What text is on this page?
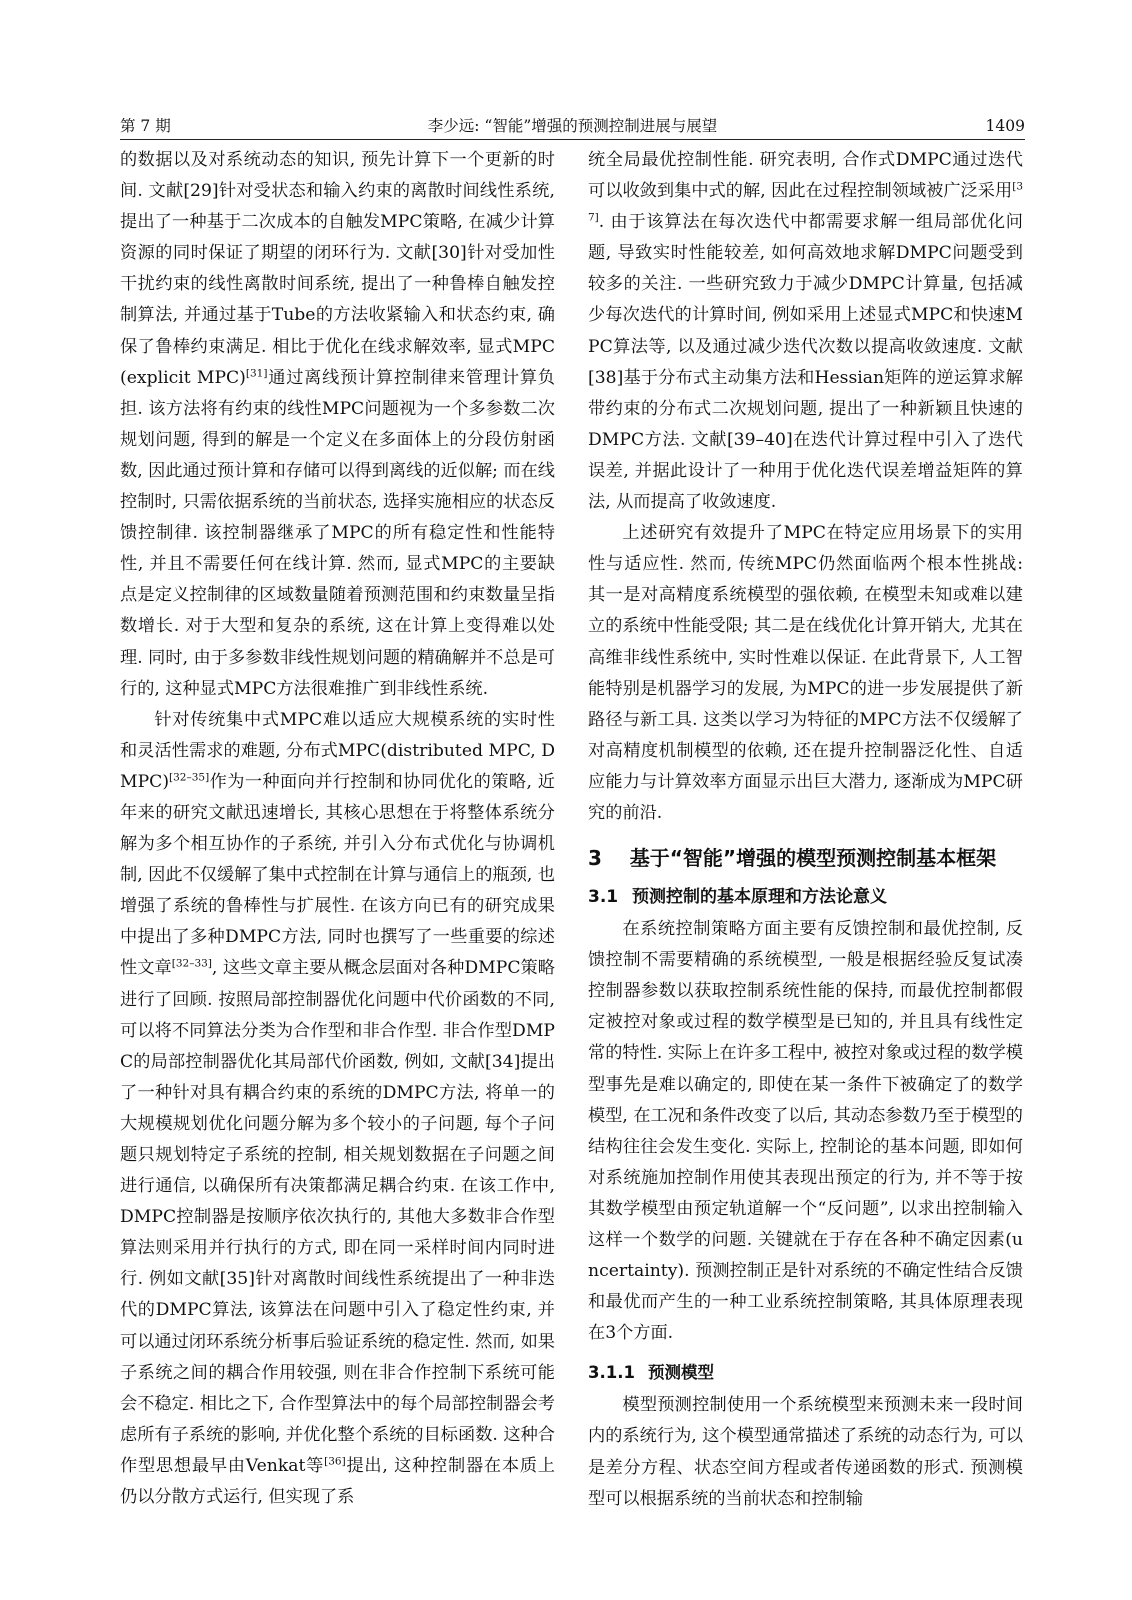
第 7 期	李少远: “智能”增强的预测控制进展与展望	1409

的数据以及对系统动态的知识, 预先计算下一个更新的时间. 文献[29]针对受状态和输入约束的离散时间线性系统, 提出了一种基于二次成本的自触发MPC策略, 在减少计算资源的同时保证了期望的闭环行为. 文献[30]针对受加性干扰约束的线性离散时间系统, 提出了一种鲁棒自触发控制算法, 并通过基于Tube的方法收紧输入和状态约束, 确保了鲁棒约束满足. 相比于优化在线求解效率, 显式MPC(explicit MPC)[31]通过离线预计算控制律来管理计算负担. 该方法将有约束的线性MPC问题视为一个多参数二次规划问题, 得到的解是一个定义在多面体上的分段仿射函数, 因此通过预计算和存储可以得到离线的近似解; 而在线控制时, 只需依据系统的当前状态, 选择实施相应的状态反馈控制律. 该控制器继承了MPC的所有稳定性和性能特性, 并且不需要任何在线计算. 然而, 显式MPC的主要缺点是定义控制律的区域数量随着预测范围和约束数量呈指数增长. 对于大型和复杂的系统, 这在计算上变得难以处理. 同时, 由于多参数非线性规划问题的精确解并不总是可行的, 这种显式MPC方法很难推广到非线性系统.

针对传统集中式MPC难以适应大规模系统的实时性和灵活性需求的难题, 分布式MPC(distributed MPC, DMPC)[32–35]作为一种面向并行控制和协同优化的策略, 近年来的研究文献迅速增长, 其核心思想在于将整体系统分解为多个相互协作的子系统, 并引入分布式优化与协调机制, 因此不仅缓解了集中式控制在计算与通信上的瓶颈, 也增强了系统的鲁棒性与扩展性. 在该方向已有的研究成果中提出了多种DMPC方法, 同时也撰写了一些重要的综述性文章[32–33], 这些文章主要从概念层面对各种DMPC策略进行了回顾. 按照局部控制器优化问题中代价函数的不同, 可以将不同算法分类为合作型和非合作型. 非合作型DMPC的局部控制器优化其局部代价函数, 例如, 文献[34]提出了一种针对具有耦合约束的系统的DMPC方法, 将单一的大规模规划优化问题分解为多个较小的子问题, 每个子问题只规划特定子系统的控制, 相关规划数据在子问题之间进行通信, 以确保所有决策都满足耦合约束. 在该工作中, DMPC控制器是按顺序依次执行的, 其他大多数非合作型算法则采用并行执行的方式, 即在同一采样时间内同时进行. 例如文献[35]针对离散时间线性系统提出了一种非迭代的DMPC算法, 该算法在问题中引入了稳定性约束, 并可以通过闭环系统分析事后验证系统的稳定性. 然而, 如果子系统之间的耦合作用较强, 则在非合作控制下系统可能会不稳定. 相比之下, 合作型算法中的每个局部控制器会考虑所有子系统的影响, 并优化整个系统的目标函数. 这种合作型思想最早由Venkat等[36]提出, 这种控制器在本质上仍以分散方式运行, 但实现了系

统全局最优控制性能. 研究表明, 合作式DMPC通过迭代可以收敛到集中式的解, 因此在过程控制领域被广泛采用[37]. 由于该算法在每次迭代中都需要求解一组局部优化问题, 导致实时性能较差, 如何高效地求解DMPC问题受到较多的关注. 一些研究致力于减少DMPC计算量, 包括减少每次迭代的计算时间, 例如采用上述显式MPC和快速MPC算法等, 以及通过减少迭代次数以提高收敛速度. 文献[38]基于分布式主动集方法和Hessian矩阵的逆运算求解带约束的分布式二次规划问题, 提出了一种新颖且快速的DMPC方法. 文献[39–40]在迭代计算过程中引入了迭代误差, 并据此设计了一种用于优化迭代误差增益矩阵的算法, 从而提高了收敛速度.

上述研究有效提升了MPC在特定应用场景下的实用性与适应性. 然而, 传统MPC仍然面临两个根本性挑战: 其一是对高精度系统模型的强依赖, 在模型未知或难以建立的系统中性能受限; 其二是在线优化计算开销大, 尤其在高维非线性系统中, 实时性难以保证. 在此背景下, 人工智能特别是机器学习的发展, 为MPC的进一步发展提供了新路径与新工具. 这类以学习为特征的MPC方法不仅缓解了对高精度机制模型的依赖, 还在提升控制器泛化性、自适应能力与计算效率方面显示出巨大潜力, 逐渐成为MPC研究的前沿.

3 基于“智能”增强的模型预测控制基本框架
3.1 预测控制的基本原理和方法论意义

在系统控制策略方面主要有反馈控制和最优控制, 反馈控制不需要精确的系统模型, 一般是根据经验反复试凑控制器参数以获取控制系统性能的保持, 而最优控制都假定被控对象或过程的数学模型是已知的, 并且具有线性定常的特性. 实际上在许多工程中, 被控对象或过程的数学模型事先是难以确定的, 即使在某一条件下被确定了的数学模型, 在工况和条件改变了以后, 其动态参数乃至于模型的结构往往会发生变化. 实际上, 控制论的基本问题, 即如何对系统施加控制作用使其表现出预定的行为, 并不等于按其数学模型由预定轨道解一个“反问题”, 以求出控制输入这样一个数学的问题. 关键就在于存在各种不确定因素(uncertainty). 预测控制正是针对系统的不确定性结合反馈和最优而产生的一种工业系统控制策略, 其具体原理表现在3个方面.

3.1.1 预测模型

模型预测控制使用一个系统模型来预测未来一段时间内的系统行为, 这个模型通常描述了系统的动态行为, 可以是差分方程、状态空间方程或者传递函数的形式. 预测模型可以根据系统的当前状态和控制输
